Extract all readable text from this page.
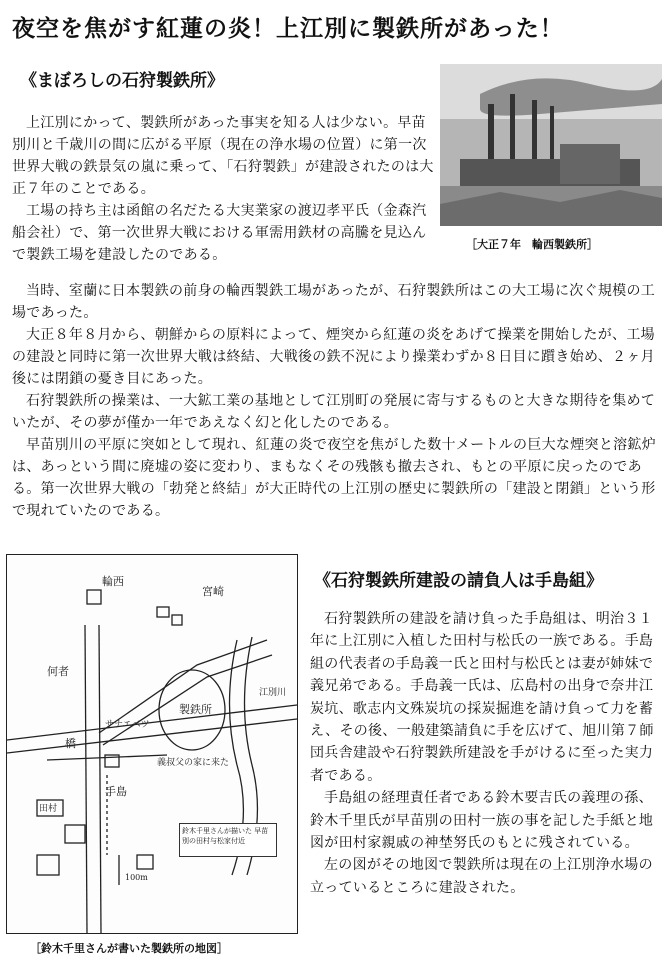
夜空を焦がす紅蓮の炎！上江別に製鉄所があった！
《まぼろしの石狩製鉄所》

上江別にかって、製鉄所があった事実を知る人は少ない。早苗別川と千歳川の間に広がる平原（現在の浄水場の位置）に第一次世界大戦の鉄景気の嵐に乗って、「石狩製鉄」が建設されたのは大正７年のことである。

工場の持ち主は函館の名だたる大実業家の渡辺孝平氏（金森汽船会社）で、第一次世界大戦における軍需用鉄材の高騰を見込んで製鉄工場を建設したのである。

［大正７年　輪西製鉄所］

当時、室蘭に日本製鉄の前身の輪西製鉄工場があったが、石狩製鉄所はこの大工場に次ぐ規模の工場であった。

大正８年８月から、朝鮮からの原料によって、煙突から紅蓮の炎をあげて操業を開始したが、工場の建設と同時に第一次世界大戦は終結、大戦後の鉄不況により操業わずか８日目に躓き始め、２ヶ月後には閉鎖の憂き目にあった。

石狩製鉄所の操業は、一大鉱工業の基地として江別町の発展に寄与するものと大きな期待を集めていたが、その夢が僅か一年であえなく幻と化したのである。

早苗別川の平原に突如として現れ、紅蓮の炎で夜空を焦がした数十メートルの巨大な煙突と溶鉱炉は、あっという間に廃墟の姿に変わり、まもなくその残骸も撤去され、もとの平原に戻ったのである。第一次世界大戦の「勃発と終結」が大正時代の上江別の歴史に製鉄所の「建設と閉鎖」という形で現れていたのである。

輪西
宮崎
何者
製鉄所
サナエベツ
江別川
橋
手島
義叔父の家に来た
田村
100m
鈴木千里さんが描いた 早苗別の田村与松家付近
［鈴木千里さんが書いた製鉄所の地図］
《石狩製鉄所建設の請負人は手島組》

石狩製鉄所の建設を請け負った手島組は、明治３１年に上江別に入植した田村与松氏の一族である。手島組の代表者の手島義一氏と田村与松氏とは妻が姉妹で義兄弟である。手島義一氏は、広島村の出身で奈井江炭坑、歌志内文殊炭坑の採炭掘進を請け負って力を蓄え、その後、一般建築請負に手を広げて、旭川第７師団兵舎建設や石狩製鉄所建設を手がけるに至った実力者である。

手島組の経理責任者である鈴木要吉氏の義理の孫、鈴木千里氏が早苗別の田村一族の事を記した手紙と地図が田村家親戚の神埜努氏のもとに残されている。

左の図がその地図で製鉄所は現在の上江別浄水場の立っているところに建設された。
